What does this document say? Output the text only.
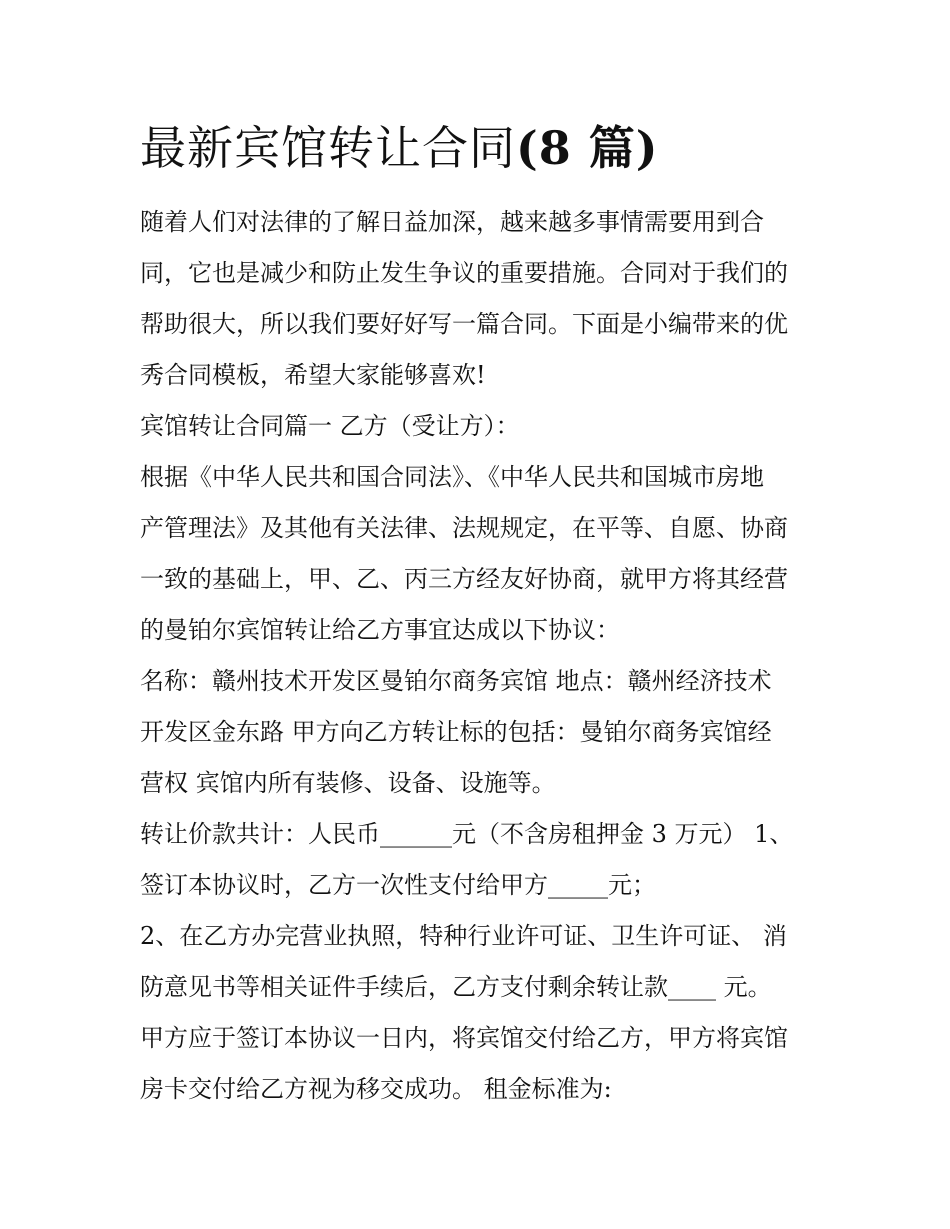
最新宾馆转让合同(8 篇)
随着人们对法律的了解日益加深，越来越多事情需要用到合
同，它也是减少和防止发生争议的重要措施。合同对于我们的
帮助很大，所以我们要好好写一篇合同。下面是小编带来的优
秀合同模板，希望大家能够喜欢!
宾馆转让合同篇一 乙方（受让方）：
根据《中华人民共和国合同法》、《中华人民共和国城市房地
产管理法》及其他有关法律、法规规定，在平等、自愿、协商
一致的基础上，甲、乙、丙三方经友好协商，就甲方将其经营
的曼铂尔宾馆转让给乙方事宜达成以下协议：
名称：赣州技术开发区曼铂尔商务宾馆 地点：赣州经济技术
开发区金东路 甲方向乙方转让标的包括：曼铂尔商务宾馆经
营权 宾馆内所有装修、设备、设施等。
转让价款共计：人民币______元（不含房租押金 3 万元） 1、
签订本协议时，乙方一次性支付给甲方_____元；
2、在乙方办完营业执照，特种行业许可证、卫生许可证、 消
防意见书等相关证件手续后，乙方支付剩余转让款____ 元。
甲方应于签订本协议一日内，将宾馆交付给乙方，甲方将宾馆
房卡交付给乙方视为移交成功。 租金标准为:
